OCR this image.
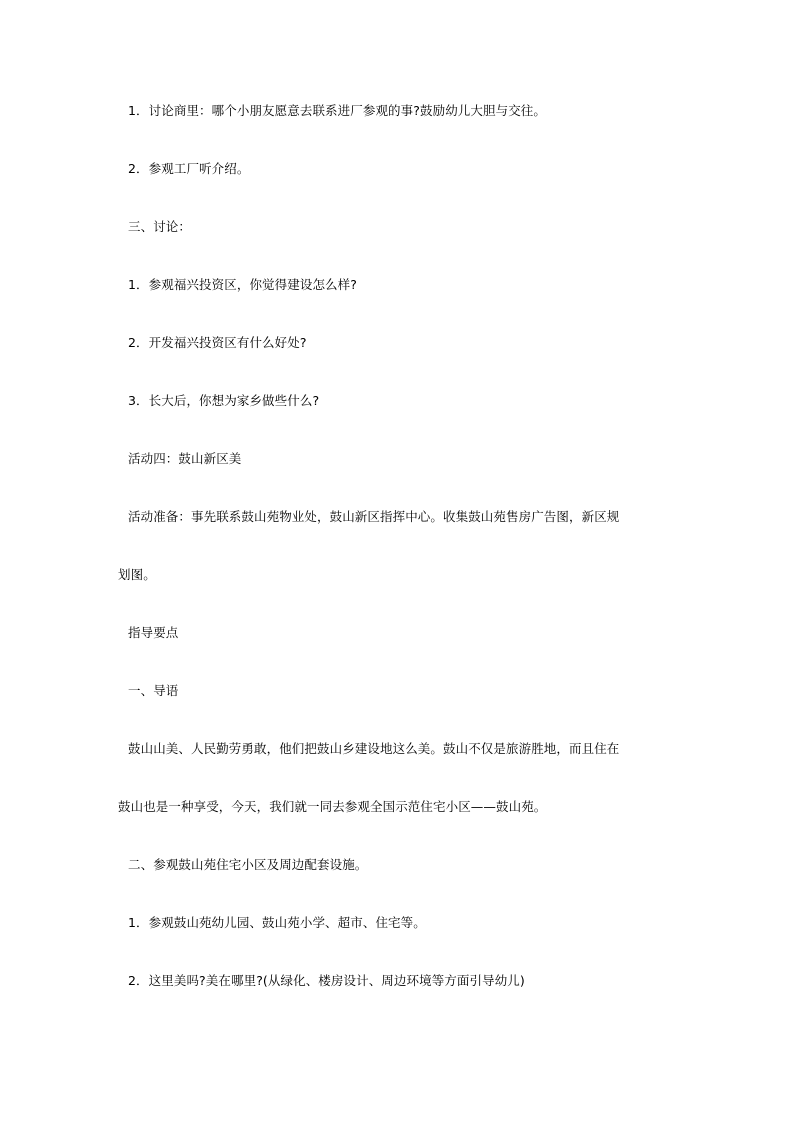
1．讨论商里：哪个小朋友愿意去联系进厂参观的事?鼓励幼儿大胆与交往。
2．参观工厂听介绍。
三、讨论：
1．参观福兴投资区，你觉得建设怎么样?
2．开发福兴投资区有什么好处?
3．长大后，你想为家乡做些什么?
活动四：鼓山新区美
活动准备：事先联系鼓山苑物业处，鼓山新区指挥中心。收集鼓山苑售房广告图，新区规
划图。
指导要点
一、导语
鼓山山美、人民勤劳勇敢，他们把鼓山乡建设地这么美。鼓山不仅是旅游胜地，而且住在
鼓山也是一种享受，今天，我们就一同去参观全国示范住宅小区——鼓山苑。
二、参观鼓山苑住宅小区及周边配套设施。
1．参观鼓山苑幼儿园、鼓山苑小学、超市、住宅等。
2．这里美吗?美在哪里?(从绿化、楼房设计、周边环境等方面引导幼儿)
